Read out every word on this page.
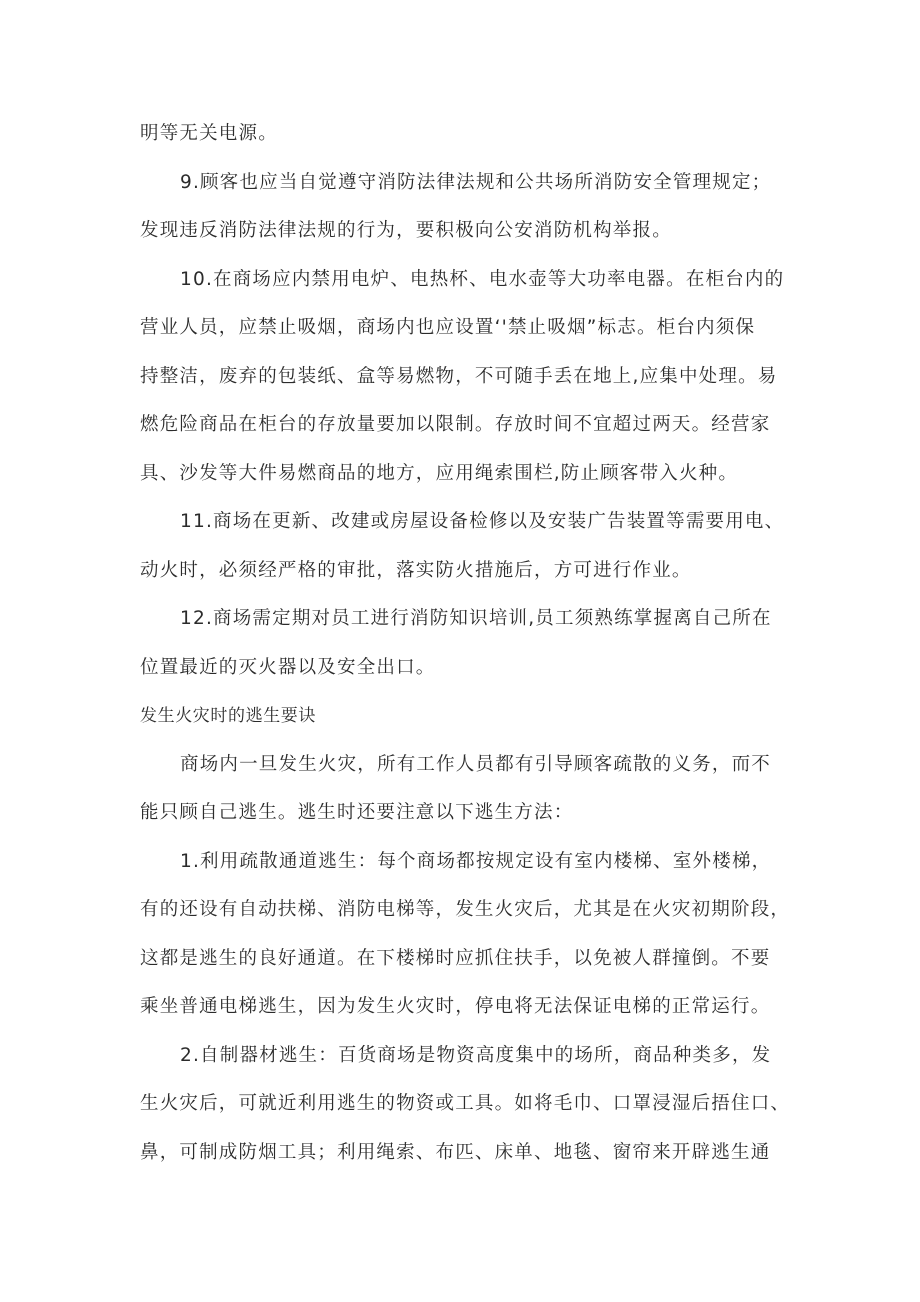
明等无关电源。
9.顾客也应当自觉遵守消防法律法规和公共场所消防安全管理规定；
发现违反消防法律法规的行为，要积极向公安消防机构举报。
10.在商场应内禁用电炉、电热杯、电水壶等大功率电器。在柜台内的
营业人员，应禁止吸烟，商场内也应设置‘'禁止吸烟”标志。柜台内须保
持整洁，废弃的包装纸、盒等易燃物，不可随手丢在地上,应集中处理。易
燃危险商品在柜台的存放量要加以限制。存放时间不宜超过两天。经营家
具、沙发等大件易燃商品的地方，应用绳索围栏,防止顾客带入火种。
11.商场在更新、改建或房屋设备检修以及安装广告装置等需要用电、
动火时，必须经严格的审批，落实防火措施后，方可进行作业。
12.商场需定期对员工进行消防知识培训,员工须熟练掌握离自己所在
位置最近的灭火器以及安全出口。
发生火灾时的逃生要诀
商场内一旦发生火灾，所有工作人员都有引导顾客疏散的义务，而不
能只顾自己逃生。逃生时还要注意以下逃生方法：
1.利用疏散通道逃生：每个商场都按规定设有室内楼梯、室外楼梯，
有的还设有自动扶梯、消防电梯等，发生火灾后，尤其是在火灾初期阶段，
这都是逃生的良好通道。在下楼梯时应抓住扶手，以免被人群撞倒。不要
乘坐普通电梯逃生，因为发生火灾时，停电将无法保证电梯的正常运行。
2.自制器材逃生：百货商场是物资高度集中的场所，商品种类多，发
生火灾后，可就近利用逃生的物资或工具。如将毛巾、口罩浸湿后捂住口、
鼻，可制成防烟工具；利用绳索、布匹、床单、地毯、窗帘来开辟逃生通
